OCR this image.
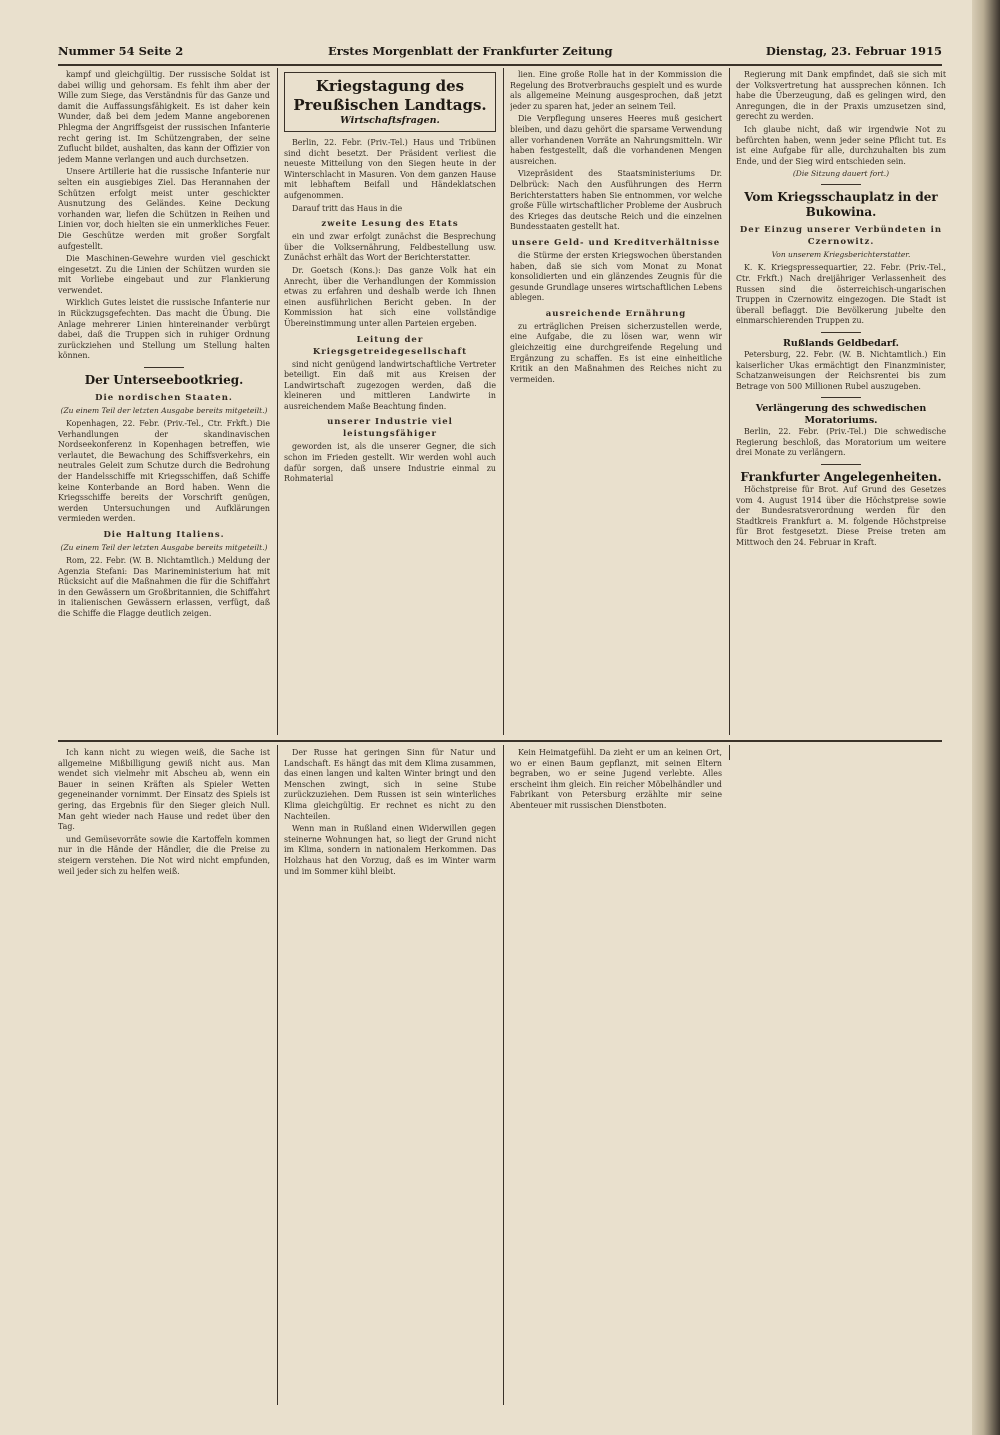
Nummer 54 Seite 2	Erstes Morgenblatt der Frankfurter Zeitung	Dienstag, 23. Februar 1915

kampf und gleichgültig. Der russische Soldat ist dabei willig und gehorsam. Es fehlt ihm aber der Wille zum Siege, das Verständnis für das Ganze und damit die Auffassungsfähigkeit. Es ist daher kein Wunder, daß bei dem jedem Manne angeborenen Phlegma der Angriffsgeist der russischen Infanterie recht gering ist. Im Schützengraben, der seine Zuflucht bildet, aushalten, das kann der Offizier von jedem Manne verlangen und auch durchsetzen.

Unsere Artillerie hat die russische Infanterie nur selten ein ausgiebiges Ziel. Das Herannahen der Schützen erfolgt meist unter geschickter Ausnutzung des Geländes. Keine Deckung vorhanden war, liefen die Schützen in Reihen und Linien vor, doch hielten sie ein unmerkliches Feuer. Die Geschütze werden mit großer Sorgfalt aufgestellt.

Die Maschinen-Gewehre wurden viel geschickt eingesetzt. Zu die Linien der Schützen wurden sie mit Vorliebe eingebaut und zur Flankierung verwendet.

Wirklich Gutes leistet die russische Infanterie nur in Rückzugsgefechten. Das macht die Übung. Die Anlage mehrerer Linien hintereinander verbürgt dabei, daß die Truppen sich in ruhiger Ordnung zurückziehen und Stellung um Stellung halten können.

Der Unterseebootkrieg.
Die nordischen Staaten.
(Zu einem Teil der letzten Ausgabe bereits mitgeteilt.)

Kopenhagen, 22. Febr. (Priv.-Tel., Ctr. Frkft.) Die Verhandlungen der skandinavischen Nordseekonferenz in Kopenhagen betreffen, wie verlautet, die Bewachung des Schiffsverkehrs, ein neutrales Geleit zum Schutze durch die Bedrohung der Handelsschiffe mit Kriegsschiffen, daß Schiffe keine Konterbande an Bord haben. Wenn die Kriegsschiffe bereits der Vorschrift genügen, werden Untersuchungen und Aufklärungen vermieden werden.

Die Haltung Italiens.
(Zu einem Teil der letzten Ausgabe bereits mitgeteilt.)

Rom, 22. Febr. (W. B. Nichtamtlich.) Meldung der Agenzia Stefani: Das Marineministerium hat mit Rücksicht auf die Maßnahmen die für die Schiffahrt in den Gewässern um Großbritannien, die Schiffahrt in italienischen Gewässern erlassen, verfügt, daß die Schiffe die Flagge deutlich zeigen.

Kriegstagung des Preußischen Landtags.
Wirtschaftsfragen.

Berlin, 22. Febr. (Priv.-Tel.) Haus und Tribünen sind dicht besetzt. Der Präsident verliest die neueste Mitteilung von den Siegen heute in der Winterschlacht in Masuren. Von dem ganzen Hause mit lebhaftem Beifall und Händeklatschen aufgenommen.

Darauf tritt das Haus in die

zweite Lesung des Etats

ein und zwar erfolgt zunächst die Besprechung über die Volksernährung, Feldbestellung usw. Zunächst erhält das Wort der Berichterstatter.

Dr. Goetsch (Kons.): Das ganze Volk hat ein Anrecht, über die Verhandlungen der Kommission etwas zu erfahren und deshalb werde ich Ihnen einen ausführlichen Bericht geben. In der Kommission hat sich eine vollständige Übereinstimmung unter allen Parteien ergeben.

Leitung der Kriegsgetreidegesellschaft

sind nicht genügend landwirtschaftliche Vertreter beteiligt. Ein daß mit aus Kreisen der Landwirtschaft zugezogen werden, daß die kleineren und mittleren Landwirte in ausreichendem Maße Beachtung finden.

unserer Industrie viel leistungsfähiger

geworden ist, als die unserer Gegner, die sich schon im Frieden gestellt. Wir werden wohl auch dafür sorgen, daß unsere Industrie einmal zu Rohmaterial

lien. Eine große Rolle hat in der Kommission die Regelung des Brotverbrauchs gespielt und es wurde als allgemeine Meinung ausgesprochen, daß jetzt jeder zu sparen hat, jeder an seinem Teil.

Die Verpflegung unseres Heeres muß gesichert bleiben, und dazu gehört die sparsame Verwendung aller vorhandenen Vorräte an Nahrungsmitteln. Wir haben festgestellt, daß die vorhandenen Mengen ausreichen.

Vizepräsident des Staatsministeriums Dr. Delbrück: Nach den Ausführungen des Herrn Berichterstatters haben Sie entnommen, vor welche große Fülle wirtschaftlicher Probleme der Ausbruch des Krieges das deutsche Reich und die einzelnen Bundesstaaten gestellt hat.

unsere Geld- und Kreditverhältnisse

die Stürme der ersten Kriegswochen überstanden haben, daß sie sich vom Monat zu Monat konsolidierten und ein glänzendes Zeugnis für die gesunde Grundlage unseres wirtschaftlichen Lebens ablegen.

ausreichende Ernährung

zu erträglichen Preisen sicherzustellen werde, eine Aufgabe, die zu lösen war, wenn wir gleichzeitig eine durchgreifende Regelung und Ergänzung zu schaffen. Es ist eine einheitliche Kritik an den Maßnahmen des Reiches nicht zu vermeiden.

Regierung mit Dank empfindet, daß sie sich mit der Volksvertretung hat aussprechen können. Ich habe die Überzeugung, daß es gelingen wird, den Anregungen, die in der Praxis umzusetzen sind, gerecht zu werden.

Ich glaube nicht, daß wir irgendwie Not zu befürchten haben, wenn jeder seine Pflicht tut. Es ist eine Aufgabe für alle, durchzuhalten bis zum Ende, und der Sieg wird entschieden sein.

(Die Sitzung dauert fort.)
Vom Kriegsschauplatz in der Bukowina.
Der Einzug unserer Verbündeten in Czernowitz.
Von unserem Kriegsberichterstatter.

K. K. Kriegspressequartier, 22. Febr. (Priv.-Tel., Ctr. Frkft.) Nach dreijähriger Verlassenheit des Russen sind die österreichisch-ungarischen Truppen in Czernowitz eingezogen. Die Stadt ist überall beflaggt. Die Bevölkerung jubelte den einmarschierenden Truppen zu.

Rußlands Geldbedarf.

Petersburg, 22. Febr. (W. B. Nichtamtlich.) Ein kaiserlicher Ukas ermächtigt den Finanzminister, Schatzanweisungen der Reichsrentei bis zum Betrage von 500 Millionen Rubel auszugeben.

Verlängerung des schwedischen Moratoriums.

Berlin, 22. Febr. (Priv.-Tel.) Die schwedische Regierung beschloß, das Moratorium um weitere drei Monate zu verlängern.

Frankfurter Angelegenheiten.

Höchstpreise für Brot. Auf Grund des Gesetzes vom 4. August 1914 über die Höchstpreise sowie der Bundesratsverordnung werden für den Stadtkreis Frankfurt a. M. folgende Höchstpreise für Brot festgesetzt. Diese Preise treten am Mittwoch den 24. Februar in Kraft.

Ich kann nicht zu wiegen weiß, die Sache ist allgemeine Mißbilligung gewiß nicht aus. Man wendet sich vielmehr mit Abscheu ab, wenn ein Bauer in seinen Kräften als Spieler Wetten gegeneinander vornimmt. Der Einsatz des Spiels ist gering, das Ergebnis für den Sieger gleich Null. Man geht wieder nach Hause und redet über den Tag.

und Gemüsevorräte sowie die Kartoffeln kommen nur in die Hände der Händler, die die Preise zu steigern verstehen. Die Not wird nicht empfunden, weil jeder sich zu helfen weiß.

Der Russe hat geringen Sinn für Natur und Landschaft. Es hängt das mit dem Klima zusammen, das einen langen und kalten Winter bringt und den Menschen zwingt, sich in seine Stube zurückzuziehen. Dem Russen ist sein winterliches Klima gleichgültig. Er rechnet es nicht zu den Nachteilen.

Wenn man in Rußland einen Widerwillen gegen steinerne Wohnungen hat, so liegt der Grund nicht im Klima, sondern in nationalem Herkommen. Das Holzhaus hat den Vorzug, daß es im Winter warm und im Sommer kühl bleibt.

Kein Heimatgefühl. Da zieht er um an keinen Ort, wo er einen Baum gepflanzt, mit seinen Eltern begraben, wo er seine Jugend verlebte. Alles erscheint ihm gleich. Ein reicher Möbelhändler und Fabrikant von Petersburg erzählte mir seine Abenteuer mit russischen Dienstboten.
